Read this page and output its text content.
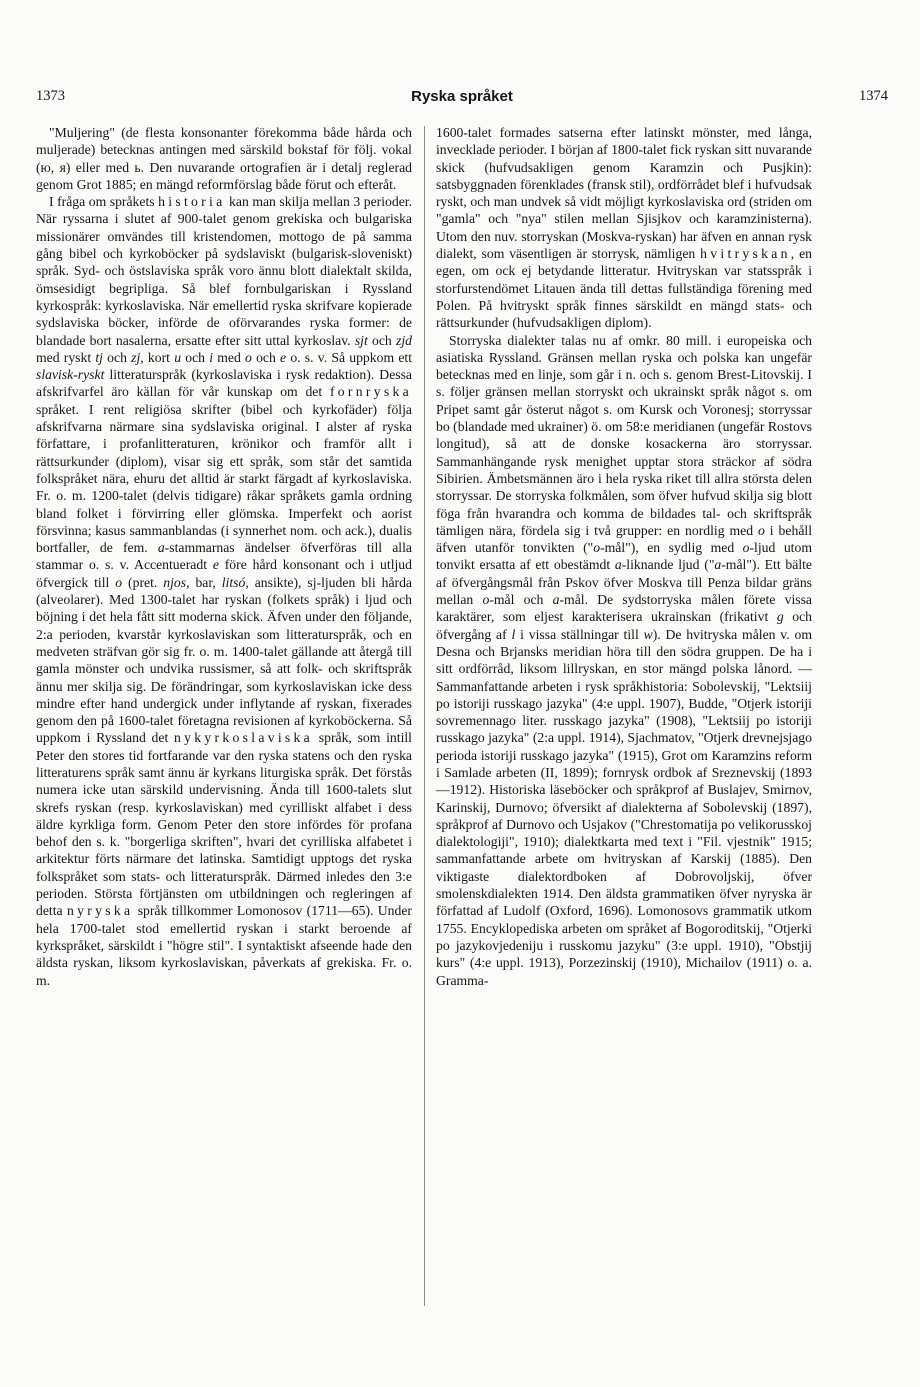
1373	Ryska språket	1374

"Muljering" (de flesta konsonanter förekomma både hårda och muljerade) betecknas antingen med särskild bokstaf för följ. vokal (ю, я) eller med ь. Den nuvarande ortografien är i detalj reglerad genom Grot 1885; en mängd reformförslag både förut och efteråt.

I fråga om språkets historia kan man skilja mellan 3 perioder. När ryssarna i slutet af 900-talet genom grekiska och bulgariska missionärer omvändes till kristendomen, mottogo de på samma gång bibel och kyrkoböcker på sydslaviskt (bulgarisk-sloveniskt) språk. Syd- och östslaviska språk voro ännu blott dialektalt skilda, ömsesidigt begripliga. Så blef fornbulgariskan i Ryssland kyrkospråk: kyrkoslaviska. När emellertid ryska skrifvare kopierade sydslaviska böcker, införde de oförvarandes ryska former: de blandade bort nasalerna, ersatte efter sitt uttal kyrkoslav. sjt och zjd med ryskt tj och zj, kort u och i med o och e o. s. v. Så uppkom ett slavisk-ryskt litteraturspråk (kyrkoslaviska i rysk redaktion). Dessa afskrifvarfel äro källan för vår kunskap om det fornryska språket. I rent religiösa skrifter (bibel och kyrkofäder) följa afskrifvarna närmare sina sydslaviska original. I alster af ryska författare, i profanlitteraturen, krönikor och framför allt i rättsurkunder (diplom), visar sig ett språk, som står det samtida folkspråket nära, ehuru det alltid är starkt färgadt af kyrkoslaviska. Fr. o. m. 1200-talet (delvis tidigare) råkar språkets gamla ordning bland folket i förvirring eller glömska. Imperfekt och aorist försvinna; kasus sammanblandas (i synnerhet nom. och ack.), dualis bortfaller, de fem. a-stammarnas ändelser öfverföras till alla stammar o. s. v. Accentueradt e före hård konsonant och i utljud öfvergick till o (pret. njos, bar, litsó, ansikte), sj-ljuden bli hårda (alveolarer). Med 1300-talet har ryskan (folkets språk) i ljud och böjning i det hela fått sitt moderna skick. Äfven under den följande, 2:a perioden, kvarstår kyrkoslaviskan som litteraturspråk, och en medveten sträfvan gör sig fr. o. m. 1400-talet gällande att återgå till gamla mönster och undvika russismer, så att folk- och skriftspråk ännu mer skilja sig. De förändringar, som kyrkoslaviskan icke dess mindre efter hand undergick under inflytande af ryskan, fixerades genom den på 1600-talet företagna revisionen af kyrkoböckerna. Så uppkom i Ryssland det nykyrkoslaviska språk, som intill Peter den stores tid fortfarande var den ryska statens och den ryska litteraturens språk samt ännu är kyrkans liturgiska språk. Det förstås numera icke utan särskild undervisning. Ända till 1600-talets slut skrefs ryskan (resp. kyrkoslaviskan) med cyrilliskt alfabet i dess äldre kyrkliga form. Genom Peter den store infördes för profana behof den s. k. "borgerliga skriften", hvari det cyrilliska alfabetet i arkitektur förts närmare det latinska. Samtidigt upptogs det ryska folkspråket som stats- och litteraturspråk. Därmed inledes den 3:e perioden. Största förtjänsten om utbildningen och regleringen af detta nyryska språk tillkommer Lomonosov (1711—65). Under hela 1700-talet stod emellertid ryskan i starkt beroende af kyrkspråket, särskildt i "högre stil". I syntaktiskt afseende hade den äldsta ryskan, liksom kyrkoslaviskan, påverkats af grekiska. Fr. o. m.

1600-talet formades satserna efter latinskt mönster, med långa, invecklade perioder. I början af 1800-talet fick ryskan sitt nuvarande skick (hufvudsakligen genom Karamzin och Pusjkin): satsbyggnaden förenklades (fransk stil), ordförrådet blef i hufvudsak ryskt, och man undvek så vidt möjligt kyrkoslaviska ord (striden om "gamla" och "nya" stilen mellan Sjisjkov och karamzinisterna). Utom den nuv. storryskan (Moskva-ryskan) har äfven en annan rysk dialekt, som väsentligen är storrysk, nämligen hvitryskan, en egen, om ock ej betydande litteratur. Hvitryskan var statsspråk i storfurstendömet Litauen ända till dettas fullständiga förening med Polen. På hvitryskt språk finnes särskildt en mängd stats- och rättsurkunder (hufvudsakligen diplom).

Storryska dialekter talas nu af omkr. 80 mill. i europeiska och asiatiska Ryssland. Gränsen mellan ryska och polska kan ungefär betecknas med en linje, som går i n. och s. genom Brest-Litovskij. I s. följer gränsen mellan storryskt och ukrainskt språk något s. om Pripet samt går österut något s. om Kursk och Voronesj; storryssar bo (blandade med ukrainer) ö. om 58:e meridianen (ungefär Rostovs longitud), så att de donske kosackerna äro storryssar. Sammanhängande rysk menighet upptar stora sträckor af södra Sibirien. Ämbetsmännen äro i hela ryska riket till allra största delen storryssar. De storryska folkmålen, som öfver hufvud skilja sig blott föga från hvarandra och komma de bildades tal- och skriftspråk tämligen nära, fördela sig i två grupper: en nordlig med o i behåll äfven utanför tonvikten ("o-mål"), en sydlig med o-ljud utom tonvikt ersatta af ett obestämdt a-liknande ljud ("a-mål"). Ett bälte af öfvergångsmål från Pskov öfver Moskva till Penza bildar gräns mellan o-mål och a-mål. De sydstorryska målen förete vissa karaktärer, som eljest karakterisera ukrainskan (frikativt g och öfvergång af l i vissa ställningar till w). De hvitryska målen v. om Desna och Brjansks meridian höra till den södra gruppen. De ha i sitt ordförråd, liksom lillryskan, en stor mängd polska lånord. — Sammanfattande arbeten i rysk språkhistoria: Sobolevskij, "Lektsiij po istoriji russkago jazyka" (4:e uppl. 1907), Budde, "Otjerk istoriji sovremennago liter. russkago jazyka" (1908), "Lektsiij po istoriji russkago jazyka" (2:a uppl. 1914), Sjachmatov, "Otjerk drevnejsjago perioda istoriji russkago jazyka" (1915), Grot om Karamzins reform i Samlade arbeten (II, 1899); fornrysk ordbok af Sreznevskij (1893—1912). Historiska läseböcker och språkprof af Buslajev, Smirnov, Karinskij, Durnovo; öfversikt af dialekterna af Sobolevskij (1897), språkprof af Durnovo och Usjakov ("Chrestomatija po velikorusskoj dialektologiji", 1910); dialektkarta med text i "Fil. vjestnik" 1915; sammanfattande arbete om hvitryskan af Karskij (1885). Den viktigaste dialektordboken af Dobrovoljskij, öfver smolenskdialekten 1914. Den äldsta grammatiken öfver nyryska är författad af Ludolf (Oxford, 1696). Lomonosovs grammatik utkom 1755. Encyklopediska arbeten om språket af Bogoroditskij, "Otjerki po jazykovjedeniju i russkomu jazyku" (3:e uppl. 1910), "Obstjij kurs" (4:e uppl. 1913), Porzezinskij (1910), Michailov (1911) o. a. Gramma-
